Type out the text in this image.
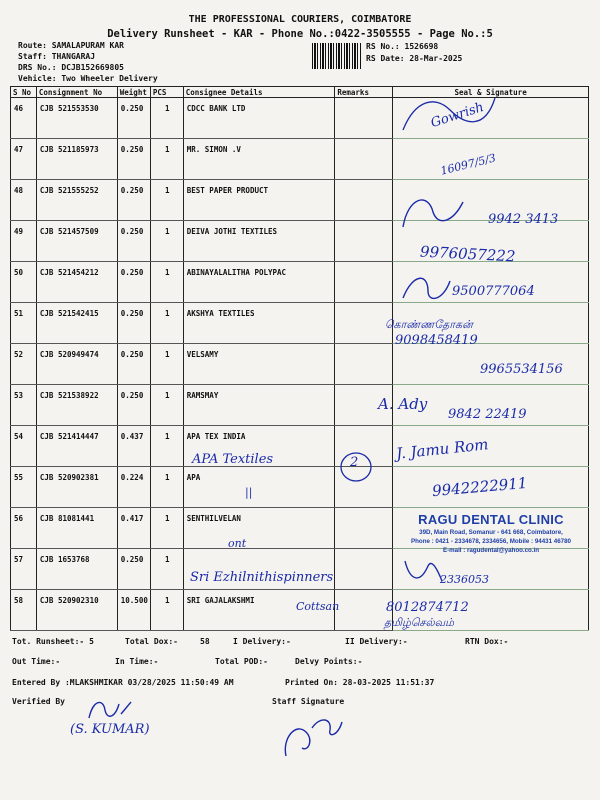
THE PROFESSIONAL COURIERS, COIMBATORE
Delivery Runsheet - KAR - Phone No.:0422-3505555 - Page No.:5
Route: SAMALAPURAM KAR
Staff: THANGARAJ
DRS No.: DCJB152669805
Vehicle: Two Wheeler Delivery
RS No.: 1526698
RS Date: 28-Mar-2025
S No	Consignment No	Weight	PCS	Consignee Details	Remarks	Seal & Signature
46	CJB 521553530	0.250	1	CDCC BANK LTD		
47	CJB 521185973	0.250	1	MR. SIMON .V		
48	CJB 521555252	0.250	1	BEST PAPER PRODUCT		
49	CJB 521457509	0.250	1	DEIVA JOTHI TEXTILES		
50	CJB 521454212	0.250	1	ABINAYALALITHA POLYPAC		
51	CJB 521542415	0.250	1	AKSHYA TEXTILES		
52	CJB 520949474	0.250	1	VELSAMY		
53	CJB 521538922	0.250	1	RAMSMAY		
54	CJB 521414447	0.437	1	APA TEX INDIA		
55	CJB 520902381	0.224	1	APA		
56	CJB 81081441	0.417	1	SENTHILVELAN		
57	CJB 1653768	0.250	1			
58	CJB 520902310	10.500	1	SRI GAJALAKSHMI		
Gowrish
16097/5/3
9942 3413
9976057222
9500777064
கொண்ணதோகன்
9098458419
9965534156
A. Ady
9842 22419
APA Textiles	2 J. Jamu Rom
||	9942222911
ont
Sri Ezhilnithispinners	2336053
Cottsan	8012874712
தமிழ்செல்வம்
RAGU DENTAL CLINIC
39D, Main Road, Somanur - 641 668, Coimbatore,
Phone : 0421 - 2334678, 2334656, Mobile : 94431 46780
E-mail : ragudental@yahoo.co.in
Tot. Runsheet:- 5	Total Dox:-	58	I Delivery:-	II Delivery:-	RTN Dox:-
Out Time:-	In Time:-	Total POD:-	Delvy Points:-
Entered By :MLAKSHMIKAR 03/28/2025 11:50:49 AM	Printed On: 28-03-2025 11:51:37
Verified By	Staff Signature
(S. KUMAR)
